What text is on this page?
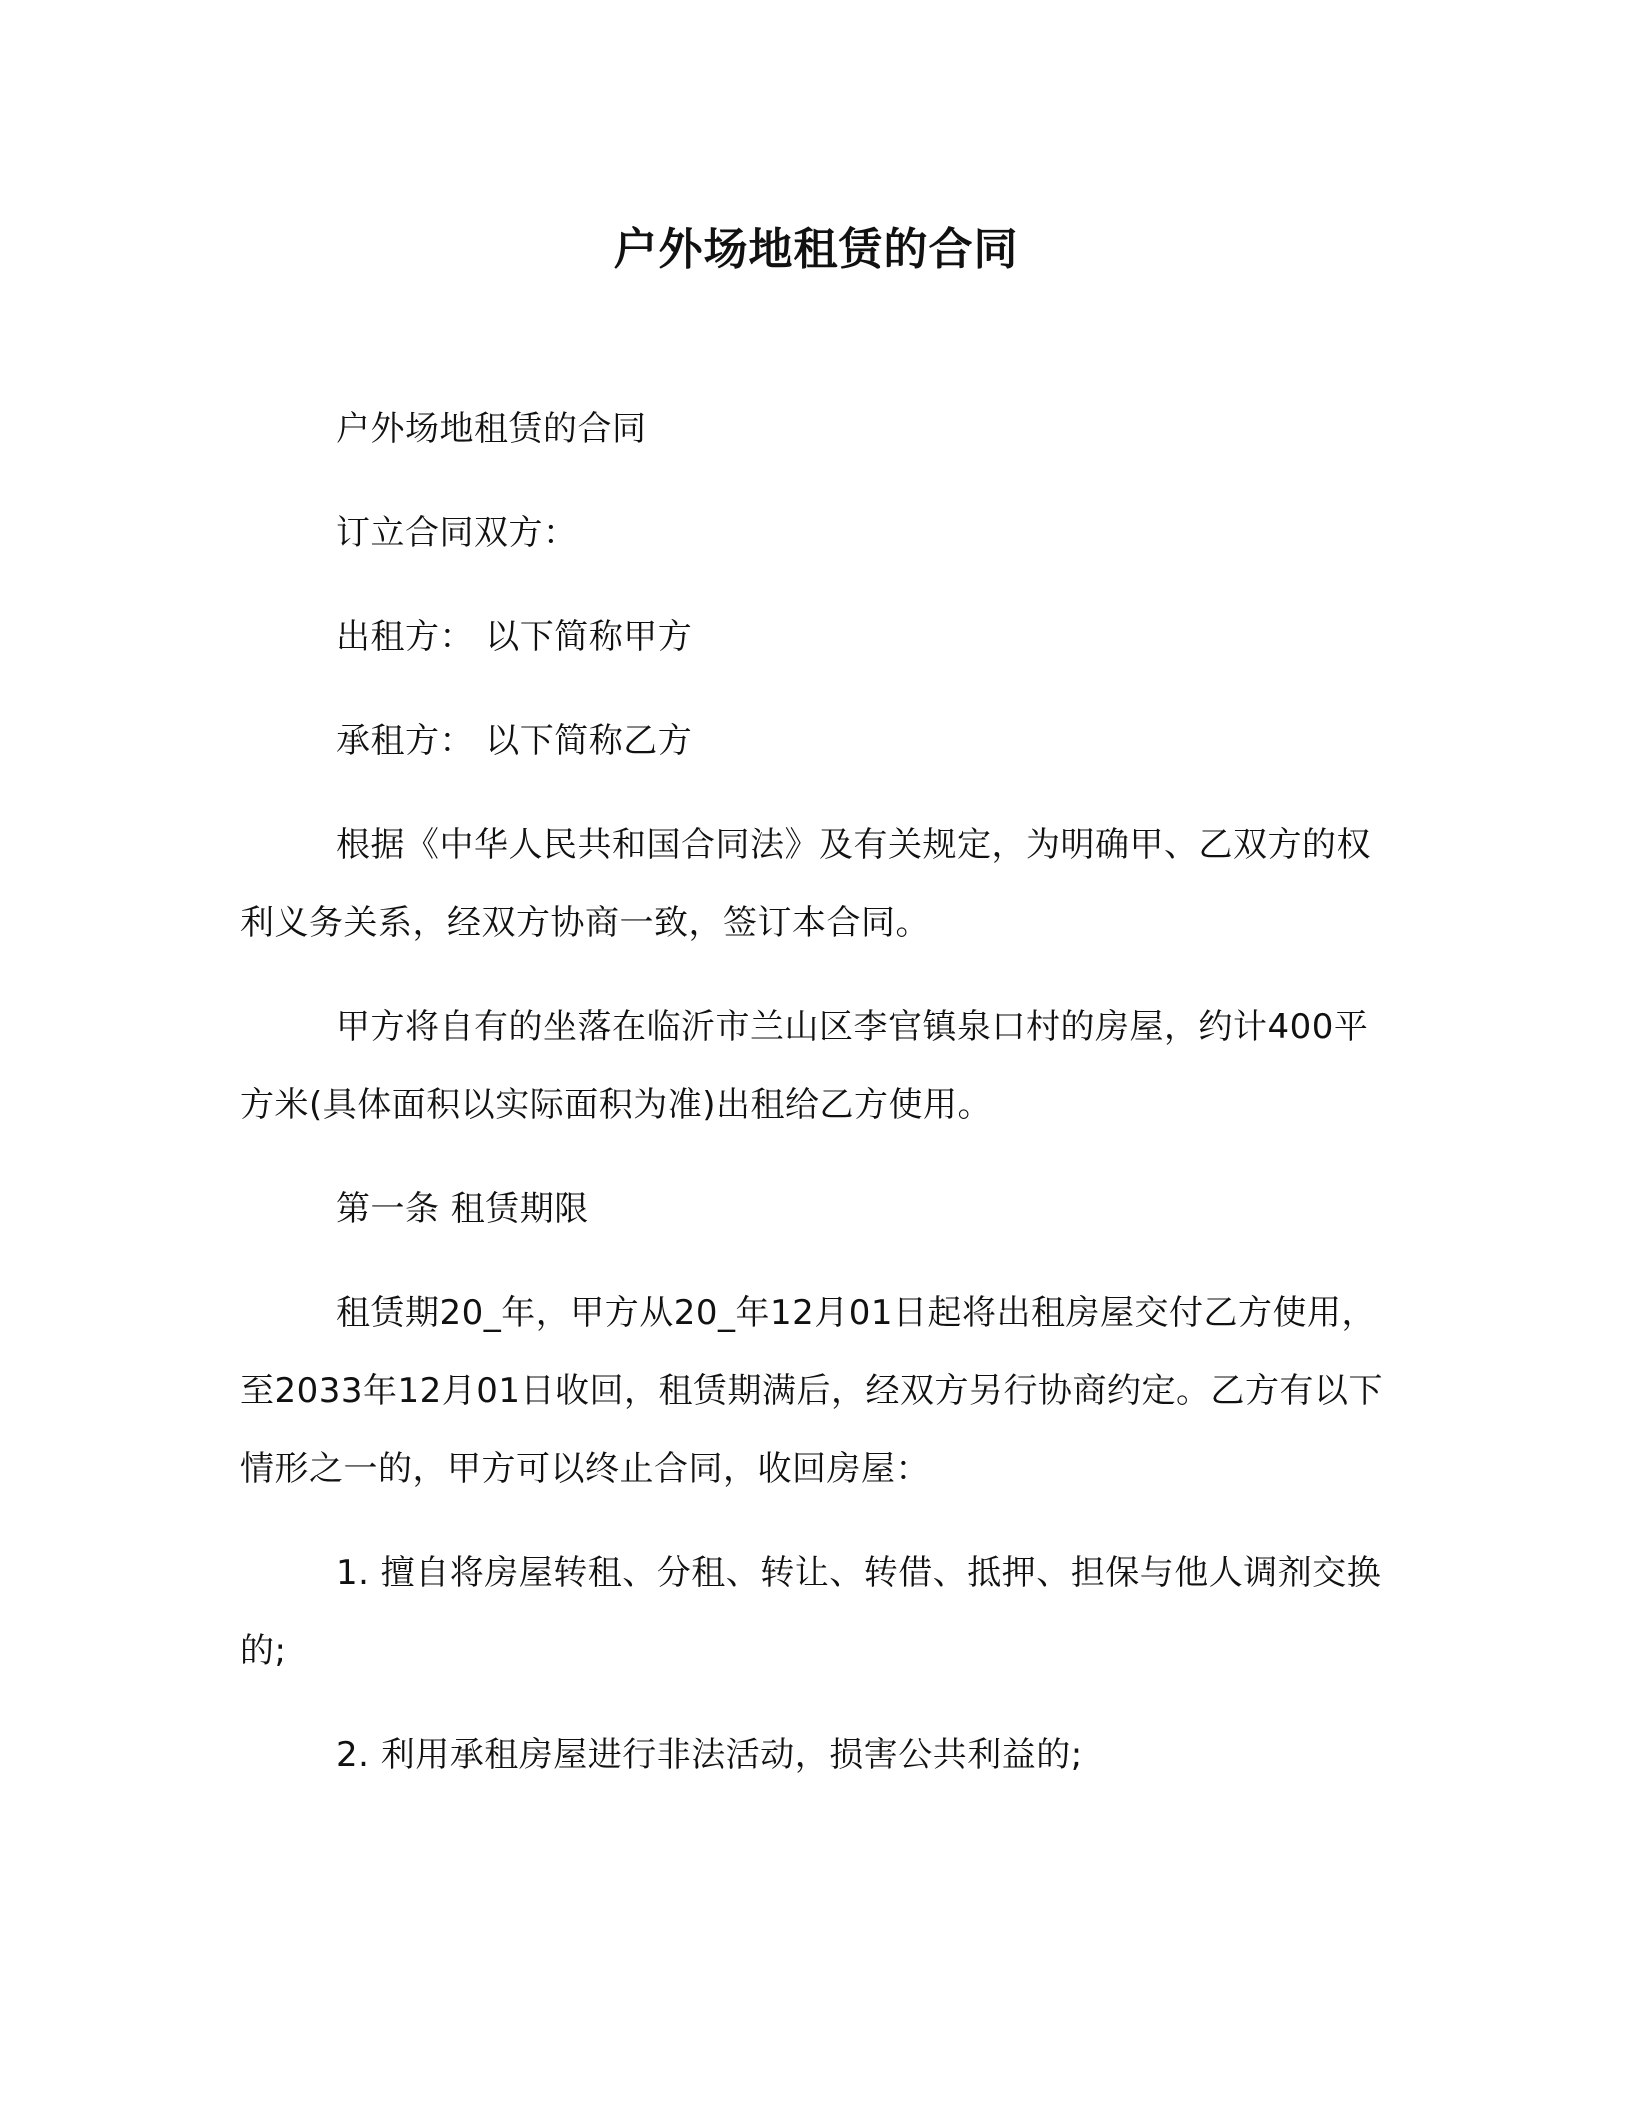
户外场地租赁的合同

户外场地租赁的合同

订立合同双方：

出租方： 以下简称甲方

承租方： 以下简称乙方

根据《中华人民共和国合同法》及有关规定，为明确甲、乙双方的权利义务关系，经双方协商一致，签订本合同。

甲方将自有的坐落在临沂市兰山区李官镇泉口村的房屋，约计400平方米(具体面积以实际面积为准)出租给乙方使用。

第一条 租赁期限

租赁期20_年，甲方从20_年12月01日起将出租房屋交付乙方使用，至2033年12月01日收回，租赁期满后，经双方另行协商约定。乙方有以下情形之一的，甲方可以终止合同，收回房屋：

1. 擅自将房屋转租、分租、转让、转借、抵押、担保与他人调剂交换的;

2. 利用承租房屋进行非法活动，损害公共利益的;
